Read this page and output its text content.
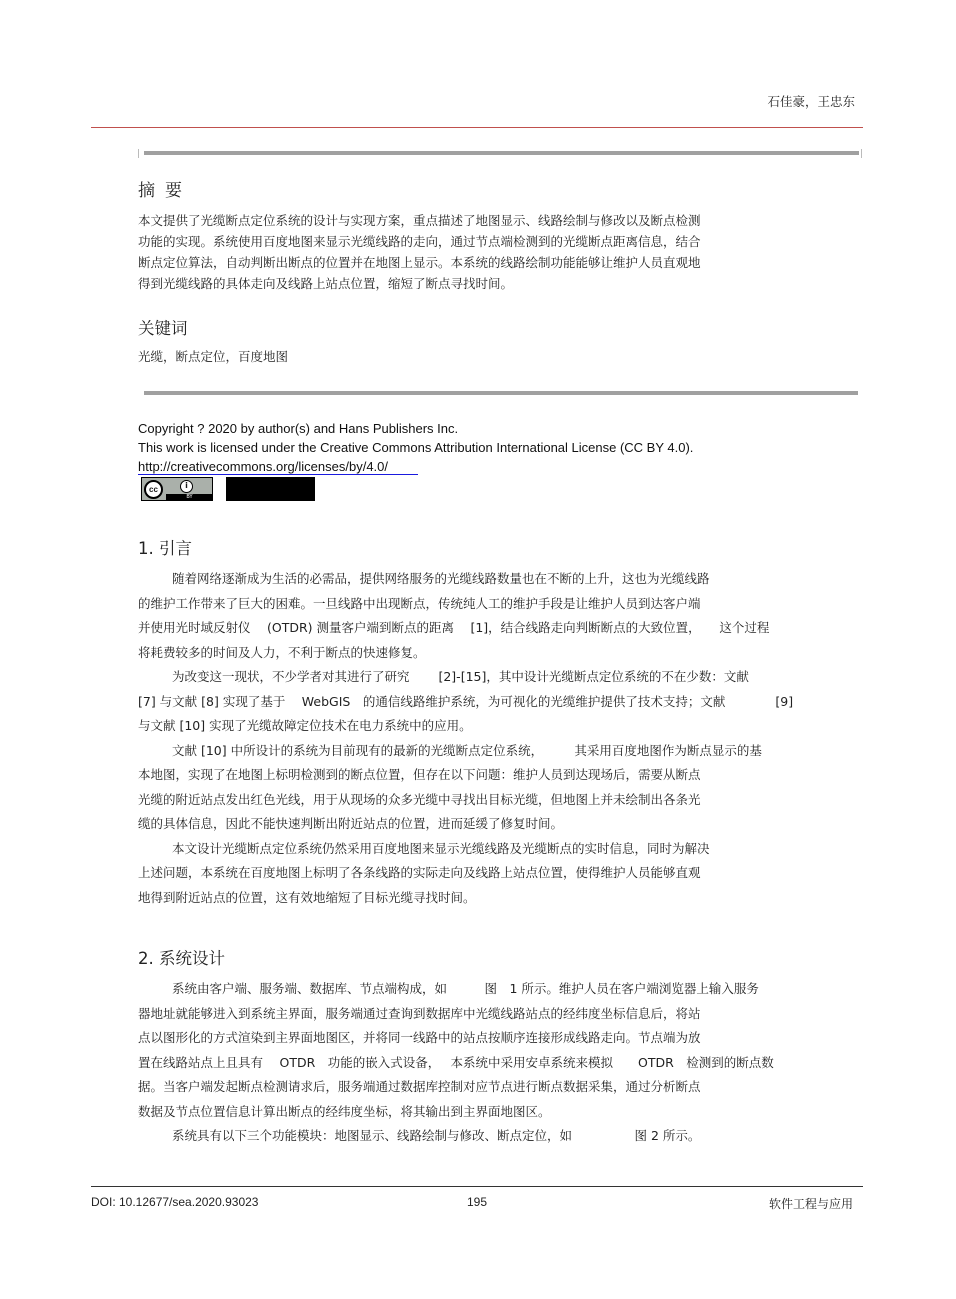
石佳豪，王忠东
摘要
本文提供了光缆断点定位系统的设计与实现方案，重点描述了地图显示、线路绘制与修改以及断点检测
功能的实现。系统使用百度地图来显示光缆线路的走向，通过节点端检测到的光缆断点距离信息，结合
断点定位算法，自动判断出断点的位置并在地图上显示。本系统的线路绘制功能能够让维护人员直观地
得到光缆线路的具体走向及线路上站点位置，缩短了断点寻找时间。
关键词
光缆，断点定位，百度地图
Copyright ? 2020 by author(s) and Hans Publishers Inc.
This work is licensed under the Creative Commons Attribution International License (CC BY 4.0).
http://creativecommons.org/licenses/by/4.0/
cc	i
BY
1. 引言
随着网络逐渐成为生活的必需品，提供网络服务的光缆线路数量也在不断的上升，这也为光缆线路
的维护工作带来了巨大的困难。一旦线路中出现断点，传统纯人工的维护手段是让维护人员到达客户端
并使用光时域反射仪　 (OTDR) 测量客户端到断点的距离　 [1]，结合线路走向判断断点的大致位置，　　这个过程
将耗费较多的时间及人力，不利于断点的快速修复。
为改变这一现状，不少学者对其进行了研究　　 [2]-[15]，其中设计光缆断点定位系统的不在少数：文献
[7] 与文献 [8] 实现了基于　 WebGIS　的通信线路维护系统，为可视化的光缆维护提供了技术支持；文献　　　　[9]
与文献 [10] 实现了光缆故障定位技术在电力系统中的应用。
文献 [10] 中所设计的系统为目前现有的最新的光缆断点定位系统，　　　其采用百度地图作为断点显示的基
本地图，实现了在地图上标明检测到的断点位置，但存在以下问题：维护人员到达现场后，需要从断点
光缆的附近站点发出红色光线，用于从现场的众多光缆中寻找出目标光缆，但地图上并未绘制出各条光
缆的具体信息，因此不能快速判断出附近站点的位置，进而延缓了修复时间。
本文设计光缆断点定位系统仍然采用百度地图来显示光缆线路及光缆断点的实时信息，同时为解决
上述问题，本系统在百度地图上标明了各条线路的实际走向及线路上站点位置，使得维护人员能够直观
地得到附近站点的位置，这有效地缩短了目标光缆寻找时间。
2. 系统设计
系统由客户端、服务端、数据库、节点端构成，如　　　图　1 所示。维护人员在客户端浏览器上输入服务
器地址就能够进入到系统主界面，服务端通过查询到数据库中光缆线路站点的经纬度坐标信息后，将站
点以图形化的方式渲染到主界面地图区，并将同一线路中的站点按顺序连接形成线路走向。节点端为放
置在线路站点上且具有　 OTDR　功能的嵌入式设备，　 本系统中采用安卓系统来模拟　　OTDR　检测到的断点数
据。当客户端发起断点检测请求后，服务端通过数据库控制对应节点进行断点数据采集，通过分析断点
数据及节点位置信息计算出断点的经纬度坐标，将其输出到主界面地图区。
系统具有以下三个功能模块：地图显示、线路绘制与修改、断点定位，如　　　　　图 2 所示。
DOI: 10.12677/sea.2020.93023	195	软件工程与应用
